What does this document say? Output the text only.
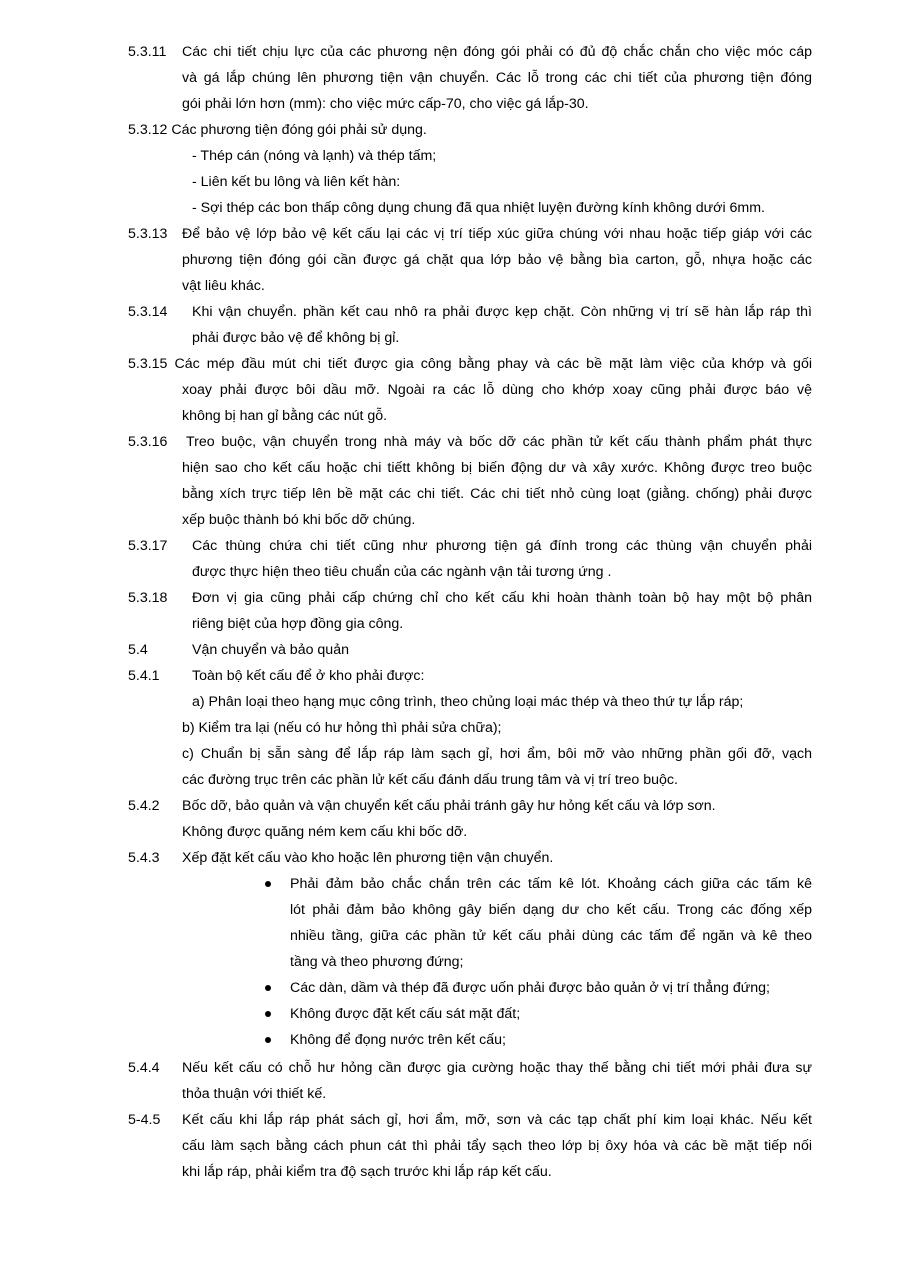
5.3.11 Các chi tiết chịu lực của các phương nện đóng gói phải có đủ độ chắc chắn cho việc móc cáp
và gá lắp chúng lên phương tiện vận chuyển. Các lỗ trong các chi tiết của phương tiện đóng
gói phải lớn hơn (mm): cho việc mức cấp-70, cho việc gá lắp-30.
5.3.12 Các phương tiện đóng gói phải sử dụng.
- Thép cán (nóng và lạnh) và thép tấm;
- Liên kết bu lông và liên kết hàn:
- Sợi thép các bon thấp công dụng chung đã qua nhiệt luyện đường kính không dưới 6mm.
5.3.13 Để bảo vệ lớp bảo vệ kết cấu lại các vị trí tiếp xúc giữa chúng với nhau hoặc tiếp giáp với các
phương tiện đóng gói cần được gá chặt qua lớp bảo vệ bằng bìa carton, gỗ, nhựa hoặc các
vật liêu khác.
5.3.14 Khi vận chuyển. phần kết cau nhô ra phải được kẹp chặt. Còn những vị trí sẽ hàn lắp ráp thì
phải được bảo vệ để không bị gỉ.
5.3.15 Các mép đầu mút chi tiết được gia công bằng phay và các bề mặt làm việc của khớp và gối
xoay phải được bôi dầu mỡ. Ngoài ra các lỗ dùng cho khớp xoay cũng phải được báo vệ
không bị han gỉ bằng các nút gỗ.
5.3.16 Treo buộc, vận chuyển trong nhà máy và bốc dỡ các phần tử kết cấu thành phẩm phát thực
hiện sao cho kết cấu hoặc chi tiếtt không bị biến động dư và xây xước. Không được treo buộc
bằng xích trực tiếp lên bề mặt các chi tiết. Các chi tiết nhỏ cùng loạt (giằng. chống) phải được
xếp buộc thành bó khi bốc dỡ chúng.
5.3.17 Các thùng chứa chi tiết cũng như phương tiện gá đính trong các thùng vận chuyển phải
được thực hiện theo tiêu chuẩn của các ngành vận tải tương ứng .
5.3.18 Đơn vị gia cũng phải cấp chứng chỉ cho kết cấu khi hoàn thành toàn bộ hay một bộ phân
riêng biệt của hợp đồng gia công.
5.4	Vận chuyển và bảo quản
5.4.1 Toàn bộ kết cấu để ở kho phải được:
a) Phân loại theo hạng mục công trình, theo chủng loại mác thép và theo thứ tự lắp ráp;
b) Kiểm tra lại (nếu có hư hỏng thì phải sửa chữa);
c) Chuẩn bị sẵn sàng để lắp ráp làm sạch gỉ, hơi ẩm, bôi mỡ vào những phần gối đỡ, vạch
các đường trục trên các phần lử kết cấu đánh dấu trung tâm và vị trí treo buộc.
5.4.2 Bốc dỡ, bảo quản và vận chuyển kết cấu phải tránh gây hư hỏng kết cấu và lớp sơn.
Không được quăng ném kem cấu khi bốc dỡ.
5.4.3 Xếp đặt kết cấu vào kho hoặc lên phương tiện vận chuyển.
Phải đảm bảo chắc chắn trên các tấm kê lót. Khoảng cách giữa các tấm kê
lót phải đảm bảo không gây biến dạng dư cho kết cấu. Trong các đống xếp
nhiều tầng, giữa các phần tử kết cấu phải dùng các tấm để ngăn và kê theo
tầng và theo phương đứng;
Các dàn, dầm và thép đã được uốn phải được bảo quản ở vị trí thẳng đứng;
Không được đặt kết cấu sát mặt đất;
Không để đọng nước trên kết cấu;
5.4.4 Nếu kết cấu có chỗ hư hỏng cần được gia cường hoặc thay thế bằng chi tiết mới phải đưa sự
thỏa thuận với thiết kế.
5-4.5 Kết cấu khi lắp ráp phát sách gỉ, hơi ẩm, mỡ, sơn và các tạp chất phí kim loại khác. Nếu kết
cấu làm sạch bằng cách phun cát thì phải tẩy sạch theo lớp bị ôxy hóa và các bề mặt tiếp nối
khi lắp ráp, phải kiểm tra độ sạch trước khi lắp ráp kết cấu.
